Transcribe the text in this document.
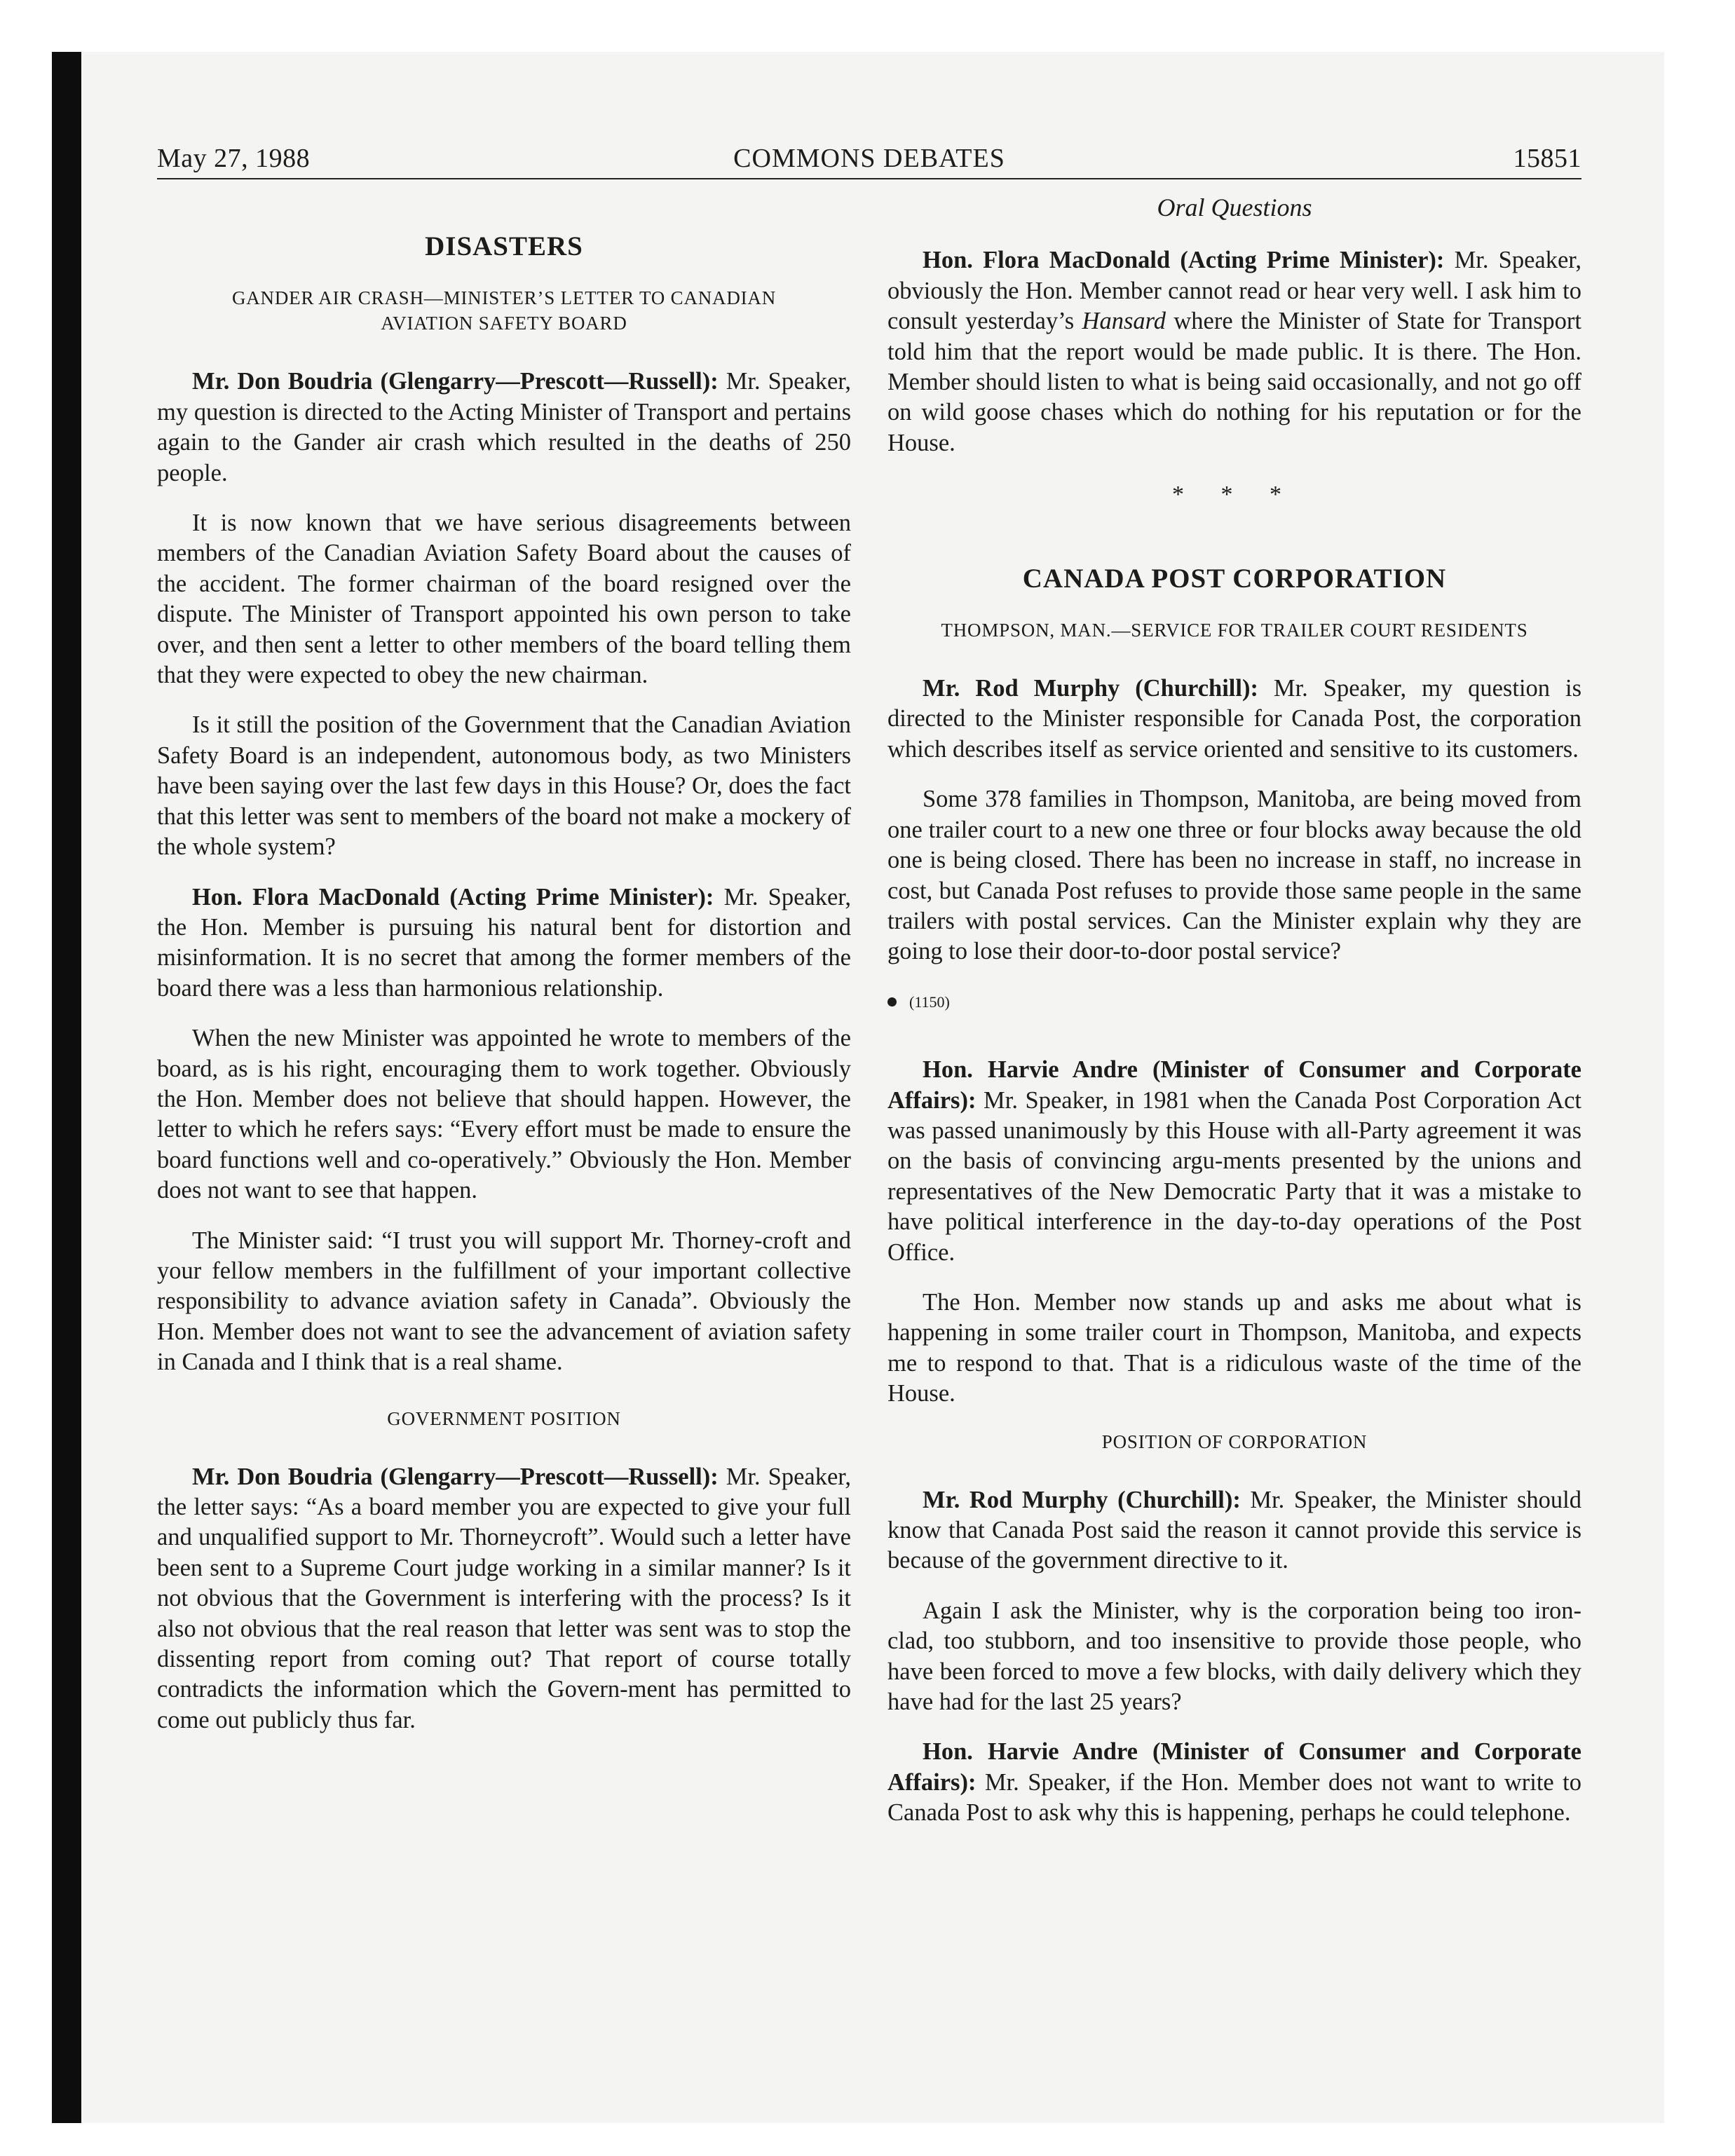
May 27, 1988	COMMONS DEBATES	15851
DISASTERS
GANDER AIR CRASH—MINISTER’S LETTER TO CANADIAN AVIATION SAFETY BOARD

Mr. Don Boudria (Glengarry—Prescott—Russell): Mr. Speaker, my question is directed to the Acting Minister of Transport and pertains again to the Gander air crash which resulted in the deaths of 250 people.

It is now known that we have serious disagreements between members of the Canadian Aviation Safety Board about the causes of the accident. The former chairman of the board resigned over the dispute. The Minister of Transport appointed his own person to take over, and then sent a letter to other members of the board telling them that they were expected to obey the new chairman.

Is it still the position of the Government that the Canadian Aviation Safety Board is an independent, autonomous body, as two Ministers have been saying over the last few days in this House? Or, does the fact that this letter was sent to members of the board not make a mockery of the whole system?

Hon. Flora MacDonald (Acting Prime Minister): Mr. Speaker, the Hon. Member is pursuing his natural bent for distortion and misinformation. It is no secret that among the former members of the board there was a less than harmonious relationship.

When the new Minister was appointed he wrote to members of the board, as is his right, encouraging them to work together. Obviously the Hon. Member does not believe that should happen. However, the letter to which he refers says: “Every effort must be made to ensure the board functions well and co-operatively.” Obviously the Hon. Member does not want to see that happen.

The Minister said: “I trust you will support Mr. Thorney-croft and your fellow members in the fulfillment of your important collective responsibility to advance aviation safety in Canada”. Obviously the Hon. Member does not want to see the advancement of aviation safety in Canada and I think that is a real shame.

GOVERNMENT POSITION

Mr. Don Boudria (Glengarry—Prescott—Russell): Mr. Speaker, the letter says: “As a board member you are expected to give your full and unqualified support to Mr. Thorneycroft”. Would such a letter have been sent to a Supreme Court judge working in a similar manner? Is it not obvious that the Government is interfering with the process? Is it also not obvious that the real reason that letter was sent was to stop the dissenting report from coming out? That report of course totally contradicts the information which the Govern-ment has permitted to come out publicly thus far.

Oral Questions

Hon. Flora MacDonald (Acting Prime Minister): Mr. Speaker, obviously the Hon. Member cannot read or hear very well. I ask him to consult yesterday’s Hansard where the Minister of State for Transport told him that the report would be made public. It is there. The Hon. Member should listen to what is being said occasionally, and not go off on wild goose chases which do nothing for his reputation or for the House.

* * *
CANADA POST CORPORATION
THOMPSON, MAN.—SERVICE FOR TRAILER COURT RESIDENTS

Mr. Rod Murphy (Churchill): Mr. Speaker, my question is directed to the Minister responsible for Canada Post, the corporation which describes itself as service oriented and sensitive to its customers.

Some 378 families in Thompson, Manitoba, are being moved from one trailer court to a new one three or four blocks away because the old one is being closed. There has been no increase in staff, no increase in cost, but Canada Post refuses to provide those same people in the same trailers with postal services. Can the Minister explain why they are going to lose their door-to-door postal service?

(1150)

Hon. Harvie Andre (Minister of Consumer and Corporate Affairs): Mr. Speaker, in 1981 when the Canada Post Corporation Act was passed unanimously by this House with all-Party agreement it was on the basis of convincing argu-ments presented by the unions and representatives of the New Democratic Party that it was a mistake to have political interference in the day-to-day operations of the Post Office.

The Hon. Member now stands up and asks me about what is happening in some trailer court in Thompson, Manitoba, and expects me to respond to that. That is a ridiculous waste of the time of the House.

POSITION OF CORPORATION

Mr. Rod Murphy (Churchill): Mr. Speaker, the Minister should know that Canada Post said the reason it cannot provide this service is because of the government directive to it.

Again I ask the Minister, why is the corporation being too iron-clad, too stubborn, and too insensitive to provide those people, who have been forced to move a few blocks, with daily delivery which they have had for the last 25 years?

Hon. Harvie Andre (Minister of Consumer and Corporate Affairs): Mr. Speaker, if the Hon. Member does not want to write to Canada Post to ask why this is happening, perhaps he could telephone.
